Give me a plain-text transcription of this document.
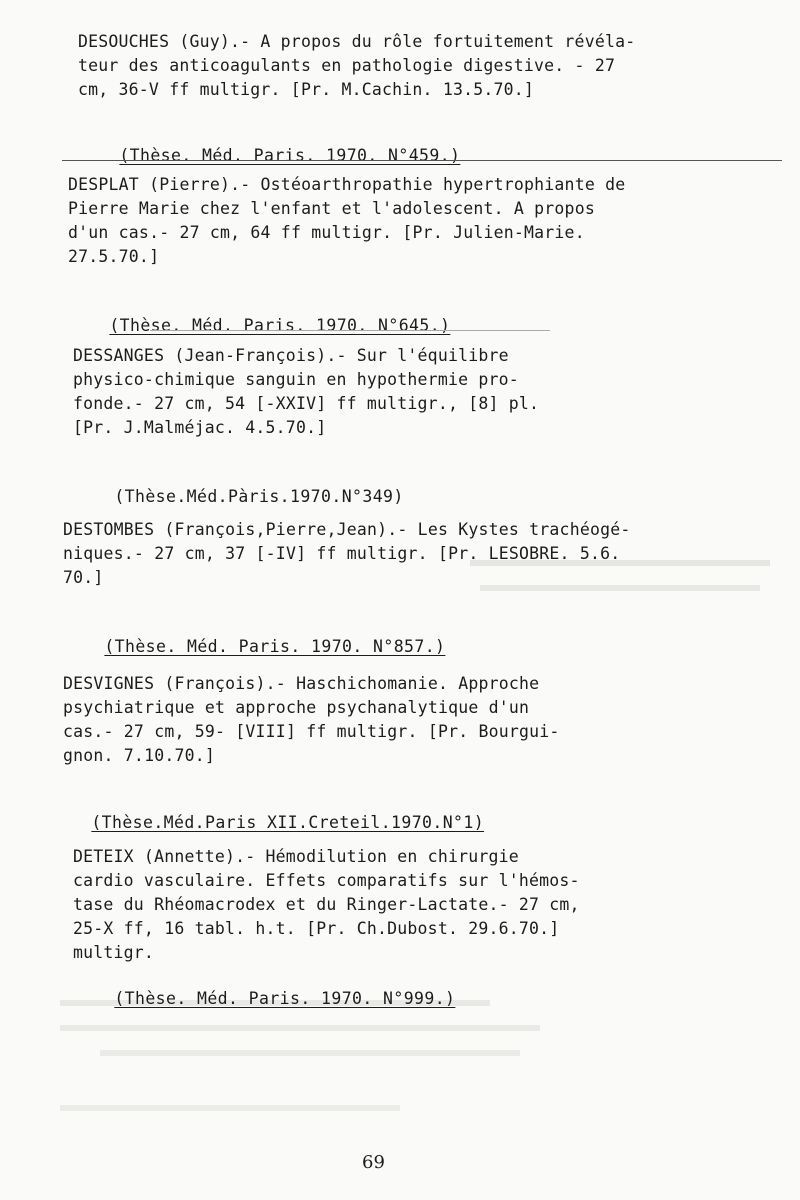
DESOUCHES (Guy).- A propos du rôle fortuitement révéla-
teur des anticoagulants en pathologie digestive. - 27
cm, 36-V ff multigr. [Pr. M.Cachin. 13.5.70.]

(Thèse. Méd. Paris. 1970. N°459.)

DESPLAT (Pierre).- Ostéoarthropathie hypertrophiante de
Pierre Marie chez l'enfant et l'adolescent. A propos
d'un cas.- 27 cm, 64 ff multigr. [Pr. Julien-Marie.
27.5.70.]

(Thèse. Méd. Paris. 1970. N°645.)

DESSANGES (Jean-François).- Sur l'équilibre
physico-chimique sanguin en hypothermie pro-
fonde.- 27 cm, 54 [-XXIV] ff multigr., [8] pl.
[Pr. J.Malméjac. 4.5.70.]

(Thèse.Méd.Pàris.1970.N°349)

DESTOMBES (François,Pierre,Jean).- Les Kystes trachéogé-
niques.- 27 cm, 37 [-IV] ff multigr. [Pr. LESOBRE. 5.6.
70.]

(Thèse. Méd. Paris. 1970. N°857.)

DESVIGNES (François).- Haschichomanie. Approche
psychiatrique et approche psychanalytique d'un
cas.- 27 cm, 59- [VIII] ff multigr. [Pr. Bourgui-
gnon. 7.10.70.]

(Thèse.Méd.Paris XII.Creteil.1970.N°1)

DETEIX (Annette).- Hémodilution en chirurgie
cardio vasculaire. Effets comparatifs sur l'hémos-
tase du Rhéomacrodex et du Ringer-Lactate.- 27 cm,
25-X ff, 16 tabl. h.t. [Pr. Ch.Dubost. 29.6.70.]
multigr.

(Thèse. Méd. Paris. 1970. N°999.)

69
